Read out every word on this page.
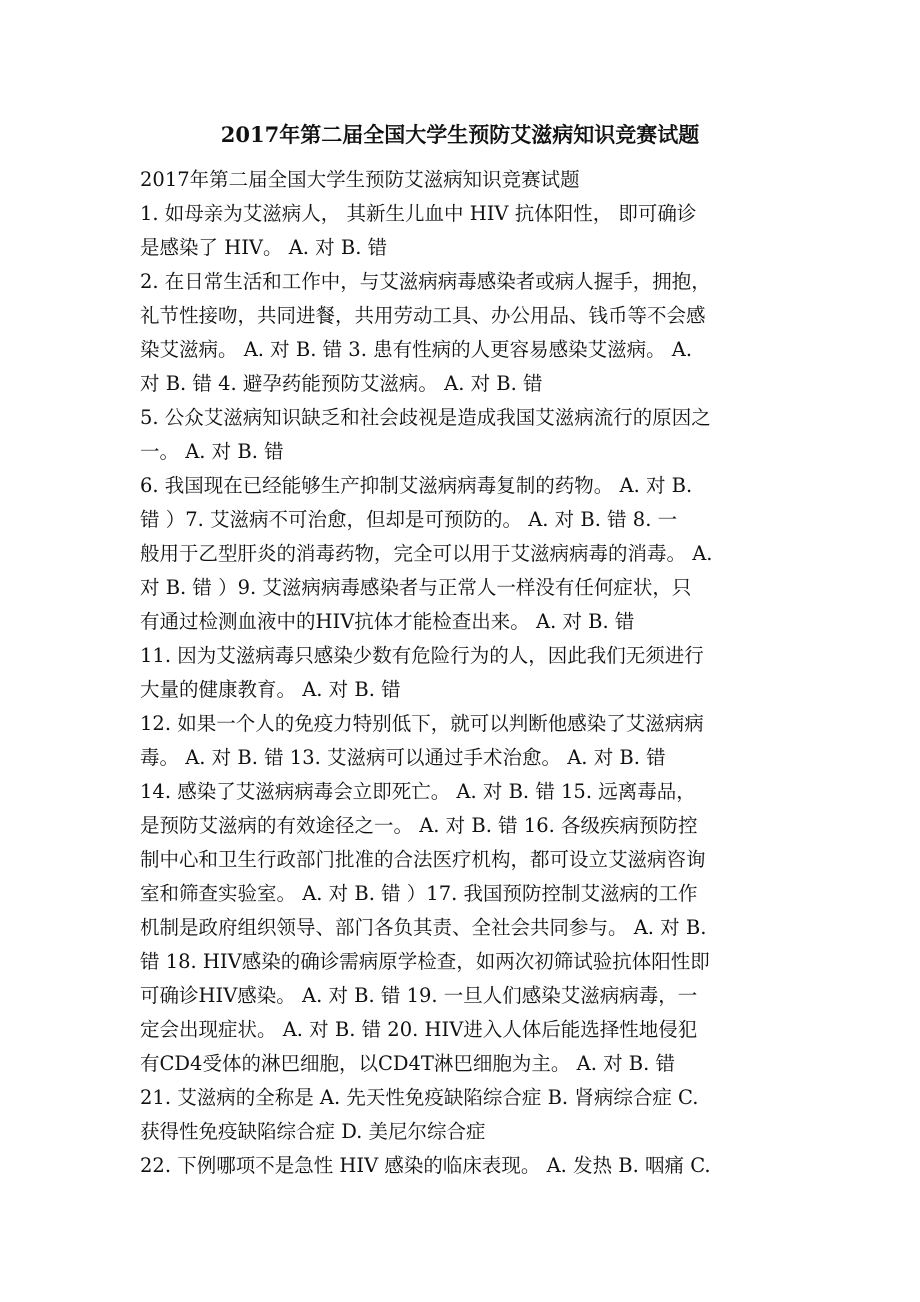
2017年第二届全国大学生预防艾滋病知识竞赛试题
2017年第二届全国大学生预防艾滋病知识竞赛试题
1. 如母亲为艾滋病人， 其新生儿血中 HIV 抗体阳性， 即可确诊
是感染了 HIV。 A. 对 B. 错
2. 在日常生活和工作中，与艾滋病病毒感染者或病人握手，拥抱，
礼节性接吻，共同进餐，共用劳动工具、办公用品、钱币等不会感
染艾滋病。 A. 对 B. 错 3. 患有性病的人更容易感染艾滋病。 A.
对 B. 错 4. 避孕药能预防艾滋病。 A. 对 B. 错
5. 公众艾滋病知识缺乏和社会歧视是造成我国艾滋病流行的原因之
一。 A. 对 B. 错
6. 我国现在已经能够生产抑制艾滋病病毒复制的药物。 A. 对 B.
错 ）7. 艾滋病不可治愈，但却是可预防的。 A. 对 B. 错 8. 一
般用于乙型肝炎的消毒药物，完全可以用于艾滋病病毒的消毒。 A.
对 B. 错 ）9. 艾滋病病毒感染者与正常人一样没有任何症状，只
有通过检测血液中的HIV抗体才能检查出来。 A. 对 B. 错
11. 因为艾滋病毒只感染少数有危险行为的人，因此我们无须进行
大量的健康教育。 A. 对 B. 错
12. 如果一个人的免疫力特别低下，就可以判断他感染了艾滋病病
毒。 A. 对 B. 错 13. 艾滋病可以通过手术治愈。 A. 对 B. 错
14. 感染了艾滋病病毒会立即死亡。 A. 对 B. 错 15. 远离毒品，
是预防艾滋病的有效途径之一。 A. 对 B. 错 16. 各级疾病预防控
制中心和卫生行政部门批准的合法医疗机构，都可设立艾滋病咨询
室和筛查实验室。 A. 对 B. 错 ）17. 我国预防控制艾滋病的工作
机制是政府组织领导、部门各负其责、全社会共同参与。 A. 对 B.
错 18. HIV感染的确诊需病原学检查，如两次初筛试验抗体阳性即
可确诊HIV感染。 A. 对 B. 错 19. 一旦人们感染艾滋病病毒，一
定会出现症状。 A. 对 B. 错 20. HIV进入人体后能选择性地侵犯
有CD4受体的淋巴细胞，以CD4T淋巴细胞为主。 A. 对 B. 错
21. 艾滋病的全称是 A. 先天性免疫缺陷综合症 B. 肾病综合症 C.
获得性免疫缺陷综合症 D. 美尼尔综合症
22. 下例哪项不是急性 HIV 感染的临床表现。 A. 发热 B. 咽痛 C.
